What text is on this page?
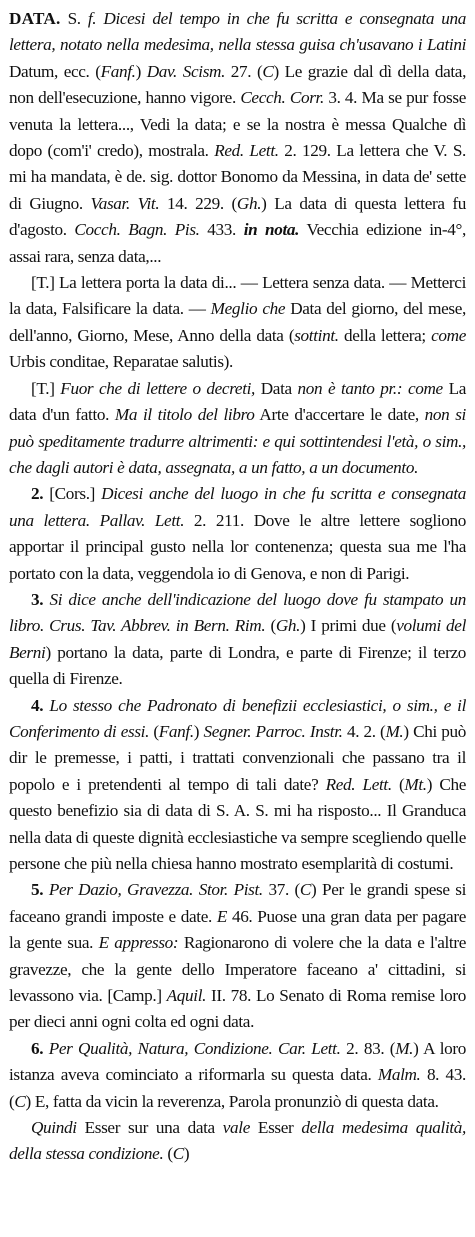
DATA. S. f. Dicesi del tempo in che fu scritta e consegnata una lettera, notato nella medesima, nella stessa guisa ch'usavano i Latini Datum, ecc. (Fanf.) Dav. Scism. 27. (C) Le grazie dal dì della data, non dell'esecuzione, hanno vigore. Cecch. Corr. 3. 4. Ma se pur fosse venuta la lettera..., Vedi la data; e se la nostra è messa Qualche dì dopo (com'i' credo), mostrala. Red. Lett. 2. 129. La lettera che V. S. mi ha mandata, è de. sig. dottor Bonomo da Messina, in data de' sette di Giugno. Vasar. Vit. 14. 229. (Gh.) La data di questa lettera fu d'agosto. Cocch. Bagn. Pis. 433. in nota. Vecchia edizione in-4°, assai rara, senza data,...

[T.] La lettera porta la data di... — Lettera senza data. — Metterci la data, Falsificare la data. — Meglio che Data del giorno, del mese, dell'anno, Giorno, Mese, Anno della data (sottint. della lettera; come Urbis conditae, Reparatae salutis).

[T.] Fuor che di lettere o decreti, Data non è tanto pr.: come La data d'un fatto. Ma il titolo del libro Arte d'accertare le date, non si può speditamente tradurre altrimenti: e qui sottintendesi l'età, o sim., che dagli autori è data, assegnata, a un fatto, a un documento.

2. [Cors.] Dicesi anche del luogo in che fu scritta e consegnata una lettera. Pallav. Lett. 2. 211. Dove le altre lettere sogliono apportar il principal gusto nella lor contenenza; questa sua me l'ha portato con la data, veggendola io di Genova, e non di Parigi.

3. Si dice anche dell'indicazione del luogo dove fu stampato un libro. Crus. Tav. Abbrev. in Bern. Rim. (Gh.) I primi due (volumi del Berni) portano la data, parte di Londra, e parte di Firenze; il terzo quella di Firenze.

4. Lo stesso che Padronato di benefizii ecclesiastici, o sim., e il Conferimento di essi. (Fanf.) Segner. Parroc. Instr. 4. 2. (M.) Chi può dir le premesse, i patti, i trattati convenzionali che passano tra il popolo e i pretendenti al tempo di tali date? Red. Lett. (Mt.) Che questo benefizio sia di data di S. A. S. mi ha risposto... Il Granduca nella data di queste dignità ecclesiastiche va sempre scegliendo quelle persone che più nella chiesa hanno mostrato esemplarità di costumi.

5. Per Dazio, Gravezza. Stor. Pist. 37. (C) Per le grandi spese si faceano grandi imposte e date. E 46. Puose una gran data per pagare la gente sua. E appresso: Ragionarono di volere che la data e l'altre gravezze, che la gente dello Imperatore faceano a' cittadini, si levassono via. [Camp.] Aquil. II. 78. Lo Senato di Roma remise loro per dieci anni ogni colta ed ogni data.

6. Per Qualità, Natura, Condizione. Car. Lett. 2. 83. (M.) A loro istanza aveva cominciato a riformarla su questa data. Malm. 8. 43. (C) E, fatta da vicin la reverenza, Parola pronunziò di questa data.

Quindi Esser sur una data vale Esser della medesima qualità, della stessa condizione. (C)
